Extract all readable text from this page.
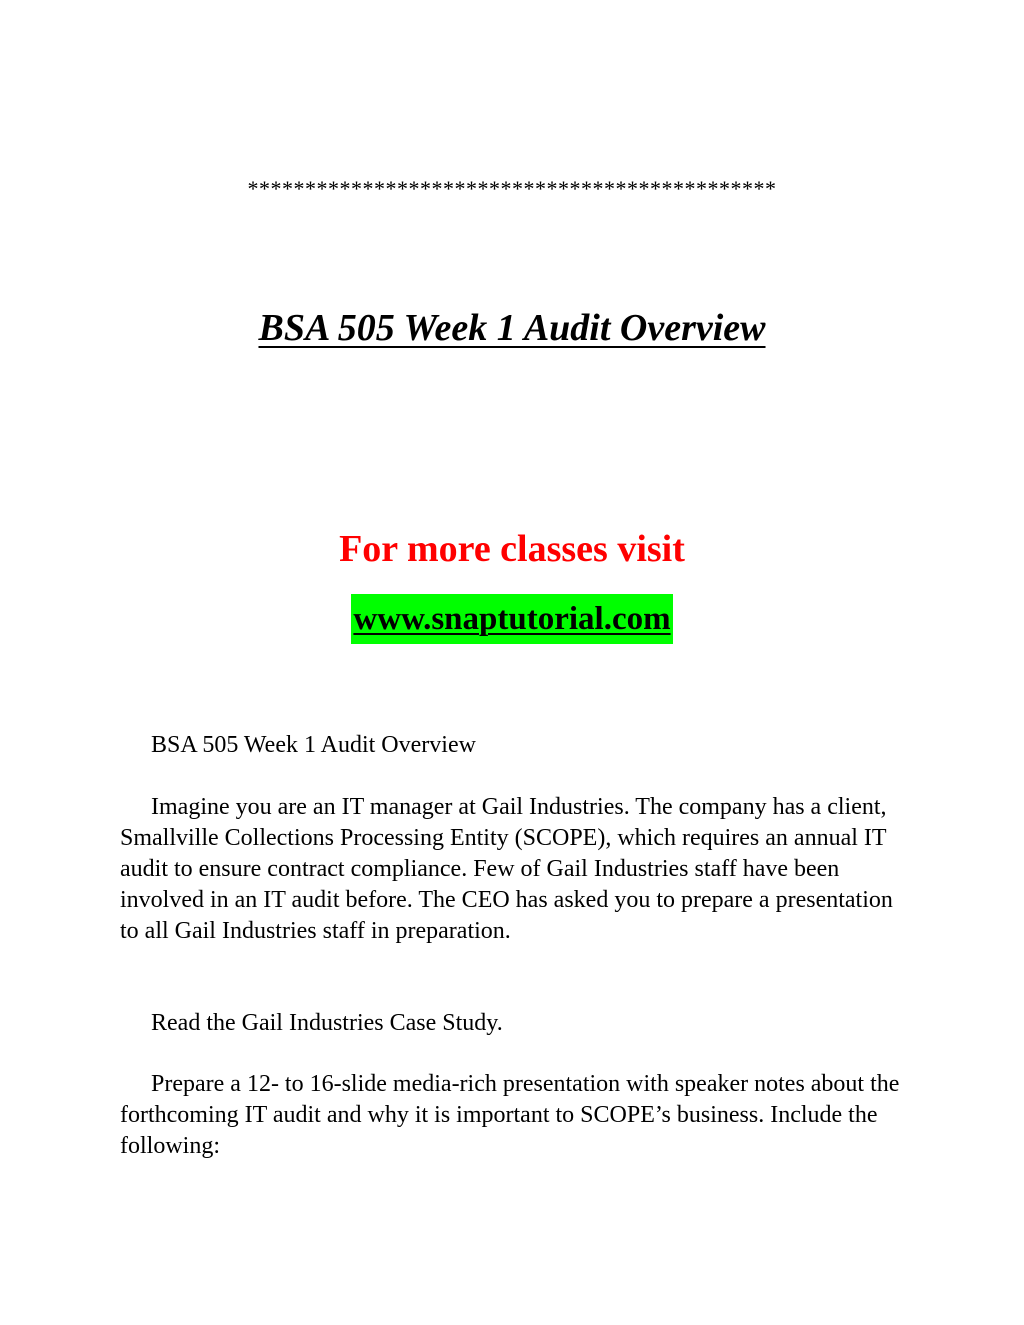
**********************************************
BSA 505 Week 1 Audit Overview
For more classes visit
www.snaptutorial.com

BSA 505 Week 1 Audit Overview

Imagine you are an IT manager at Gail Industries. The company has a client, Smallville Collections Processing Entity (SCOPE), which requires an annual IT audit to ensure contract compliance. Few of Gail Industries staff have been involved in an IT audit before. The CEO has asked you to prepare a presentation to all Gail Industries staff in preparation.

Read the Gail Industries Case Study.

Prepare a 12- to 16-slide media-rich presentation with speaker notes about the forthcoming IT audit and why it is important to SCOPE’s business. Include the following:
